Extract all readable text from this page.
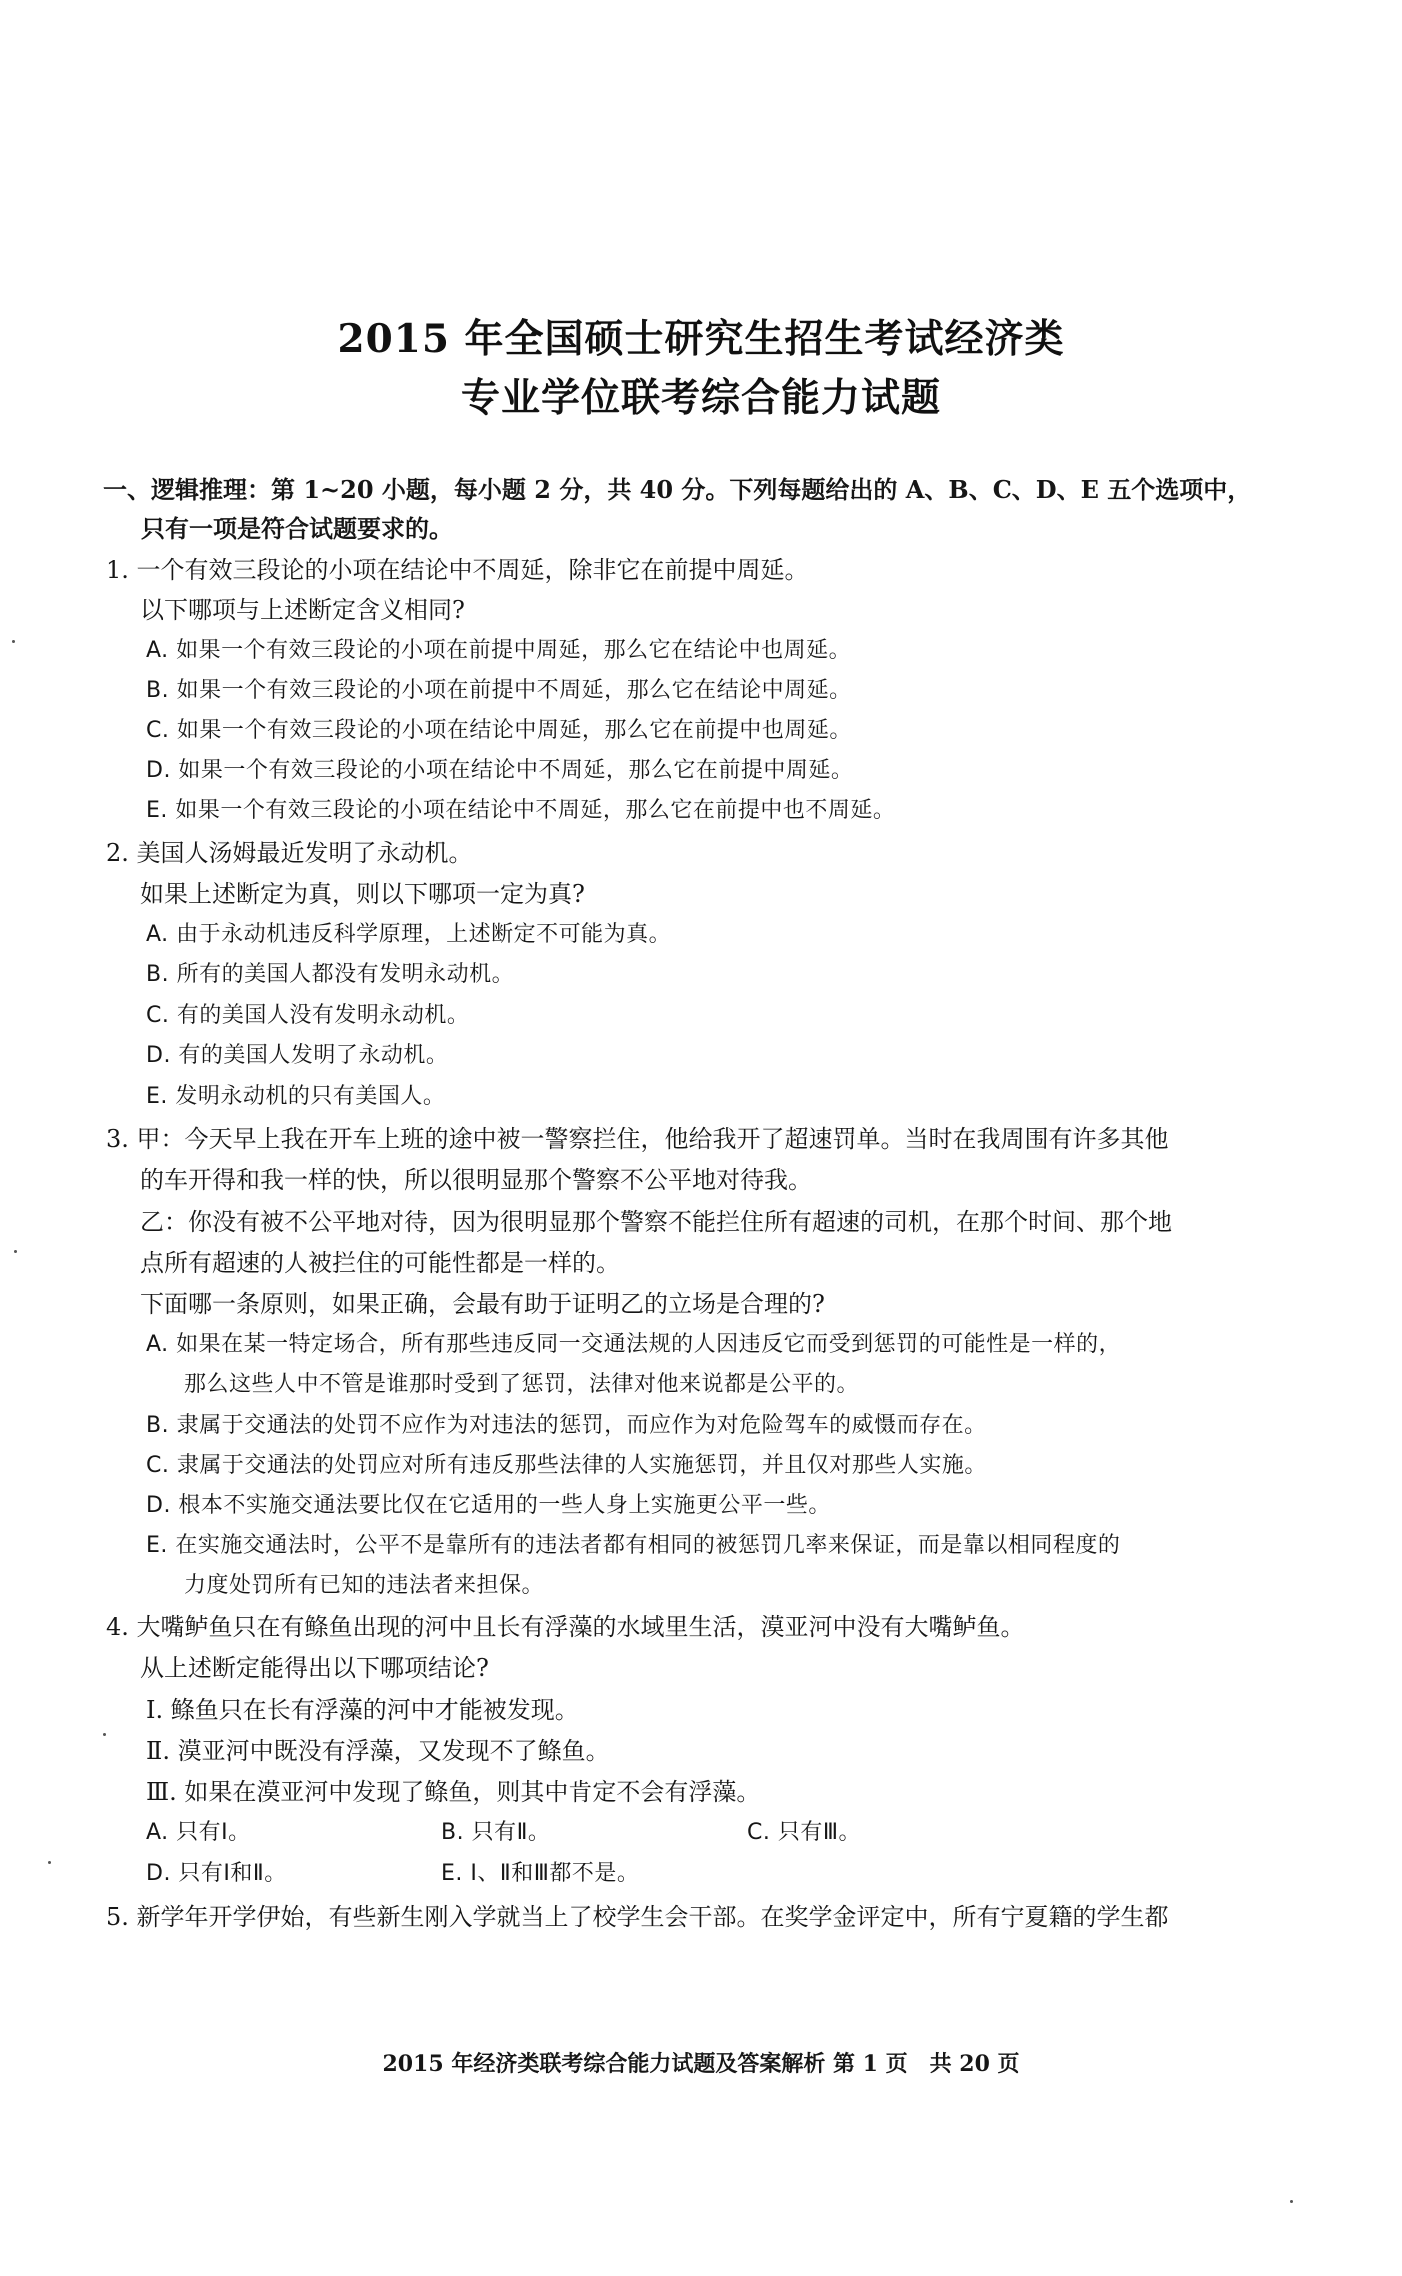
2015 年全国硕士研究生招生考试经济类
专业学位联考综合能力试题
一、逻辑推理：第 1~20 小题，每小题 2 分，共 40 分。下列每题给出的 A、B、C、D、E 五个选项中，
只有一项是符合试题要求的。
1. 一个有效三段论的小项在结论中不周延，除非它在前提中周延。
以下哪项与上述断定含义相同?
A. 如果一个有效三段论的小项在前提中周延，那么它在结论中也周延。
B. 如果一个有效三段论的小项在前提中不周延，那么它在结论中周延。
C. 如果一个有效三段论的小项在结论中周延，那么它在前提中也周延。
D. 如果一个有效三段论的小项在结论中不周延，那么它在前提中周延。
E. 如果一个有效三段论的小项在结论中不周延，那么它在前提中也不周延。
2. 美国人汤姆最近发明了永动机。
如果上述断定为真，则以下哪项一定为真?
A. 由于永动机违反科学原理，上述断定不可能为真。
B. 所有的美国人都没有发明永动机。
C. 有的美国人没有发明永动机。
D. 有的美国人发明了永动机。
E. 发明永动机的只有美国人。
3. 甲：今天早上我在开车上班的途中被一警察拦住，他给我开了超速罚单。当时在我周围有许多其他
的车开得和我一样的快，所以很明显那个警察不公平地对待我。
乙：你没有被不公平地对待，因为很明显那个警察不能拦住所有超速的司机，在那个时间、那个地
点所有超速的人被拦住的可能性都是一样的。
下面哪一条原则，如果正确，会最有助于证明乙的立场是合理的?
A. 如果在某一特定场合，所有那些违反同一交通法规的人因违反它而受到惩罚的可能性是一样的，
那么这些人中不管是谁那时受到了惩罚，法律对他来说都是公平的。
B. 隶属于交通法的处罚不应作为对违法的惩罚，而应作为对危险驾车的威慑而存在。
C. 隶属于交通法的处罚应对所有违反那些法律的人实施惩罚，并且仅对那些人实施。
D. 根本不实施交通法要比仅在它适用的一些人身上实施更公平一些。
E. 在实施交通法时，公平不是靠所有的违法者都有相同的被惩罚几率来保证，而是靠以相同程度的
力度处罚所有已知的违法者来担保。
4. 大嘴鲈鱼只在有鲦鱼出现的河中且长有浮藻的水域里生活，漠亚河中没有大嘴鲈鱼。
从上述断定能得出以下哪项结论?
Ⅰ. 鲦鱼只在长有浮藻的河中才能被发现。
Ⅱ. 漠亚河中既没有浮藻，又发现不了鲦鱼。
Ⅲ. 如果在漠亚河中发现了鲦鱼，则其中肯定不会有浮藻。
A. 只有Ⅰ。	B. 只有Ⅱ。	C. 只有Ⅲ。
D. 只有Ⅰ和Ⅱ。	E. Ⅰ、Ⅱ和Ⅲ都不是。
5. 新学年开学伊始，有些新生刚入学就当上了校学生会干部。在奖学金评定中，所有宁夏籍的学生都
2015 年经济类联考综合能力试题及答案解析 第 1 页　共 20 页
